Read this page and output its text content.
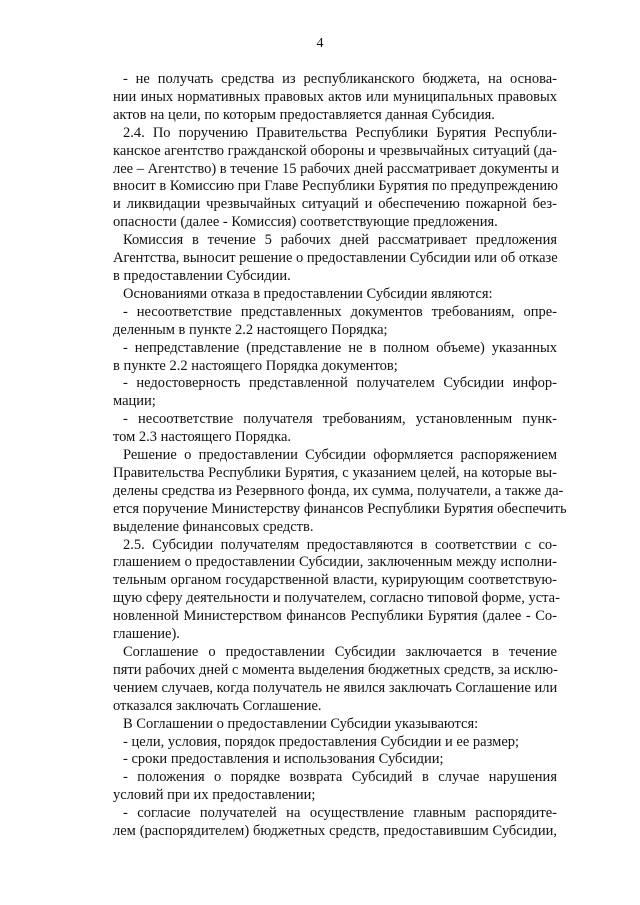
4
- не получать средства из республиканского бюджета, на основа-
нии иных нормативных правовых актов или муниципальных правовых
актов на цели, по которым предоставляется данная Субсидия.
2.4. По поручению Правительства Республики Бурятия Республи-
канское агентство гражданской обороны и чрезвычайных ситуаций (да-
лее – Агентство) в течение 15 рабочих дней рассматривает документы и
вносит в Комиссию при Главе Республики Бурятия по предупреждению
и ликвидации чрезвычайных ситуаций и обеспечению пожарной без-
опасности (далее - Комиссия) соответствующие предложения.
Комиссия в течение 5 рабочих дней рассматривает предложения
Агентства, выносит решение о предоставлении Субсидии или об отказе
в предоставлении Субсидии.
Основаниями отказа в предоставлении Субсидии являются:
- несоответствие представленных документов требованиям, опре-
деленным в пункте 2.2 настоящего Порядка;
- непредставление (представление не в полном объеме) указанных
в пункте 2.2 настоящего Порядка документов;
- недостоверность представленной получателем Субсидии инфор-
мации;
- несоответствие получателя требованиям, установленным пунк-
том 2.3 настоящего Порядка.
Решение о предоставлении Субсидии оформляется распоряжением
Правительства Республики Бурятия, с указанием целей, на которые вы-
делены средства из Резервного фонда, их сумма, получатели, а также да-
ется поручение Министерству финансов Республики Бурятия обеспечить
выделение финансовых средств.
2.5. Субсидии получателям предоставляются в соответствии с со-
глашением о предоставлении Субсидии, заключенным между исполни-
тельным органом государственной власти, курирующим соответствую-
щую сферу деятельности и получателем, согласно типовой форме, уста-
новленной Министерством финансов Республики Бурятия (далее - Со-
глашение).
Соглашение о предоставлении Субсидии заключается в течение
пяти рабочих дней с момента выделения бюджетных средств, за исклю-
чением случаев, когда получатель не явился заключать Соглашение или
отказался заключать Соглашение.
В Соглашении о предоставлении Субсидии указываются:
- цели, условия, порядок предоставления Субсидии и ее размер;
- сроки предоставления и использования Субсидии;
- положения о порядке возврата Субсидий в случае нарушения
условий при их предоставлении;
- согласие получателей на осуществление главным распорядите-
лем (распорядителем) бюджетных средств, предоставившим Субсидии,
